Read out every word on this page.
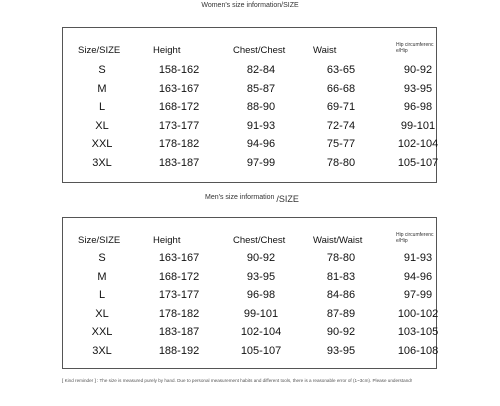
Women's size information/SIZE
Size/SIZE	Height	Chest/Chest	Waist	Hip circumferenc
e/Hip
S	158-162	82-84	63-65	90-92
M	163-167	85-87	66-68	93-95
L	168-172	88-90	69-71	96-98
XL	173-177	91-93	72-74	99-101
XXL	178-182	94-96	75-77	102-104
3XL	183-187	97-99	78-80	105-107
Men's size information /SIZE
Size/SIZE	Height	Chest/Chest	Waist/Waist	Hip circumferenc
e/Hip
S	163-167	90-92	78-80	91-93
M	168-172	93-95	81-83	94-96
L	173-177	96-98	84-86	97-99
XL	178-182	99-101	87-89	100-102
XXL	183-187	102-104	90-92	103-105
3XL	188-192	105-107	93-95	106-108
[ Kind reminder ] : The size is measured purely by hand. Due to personal measurement habits and different tools, there is a reasonable error of (1~3cm). Please understand!
